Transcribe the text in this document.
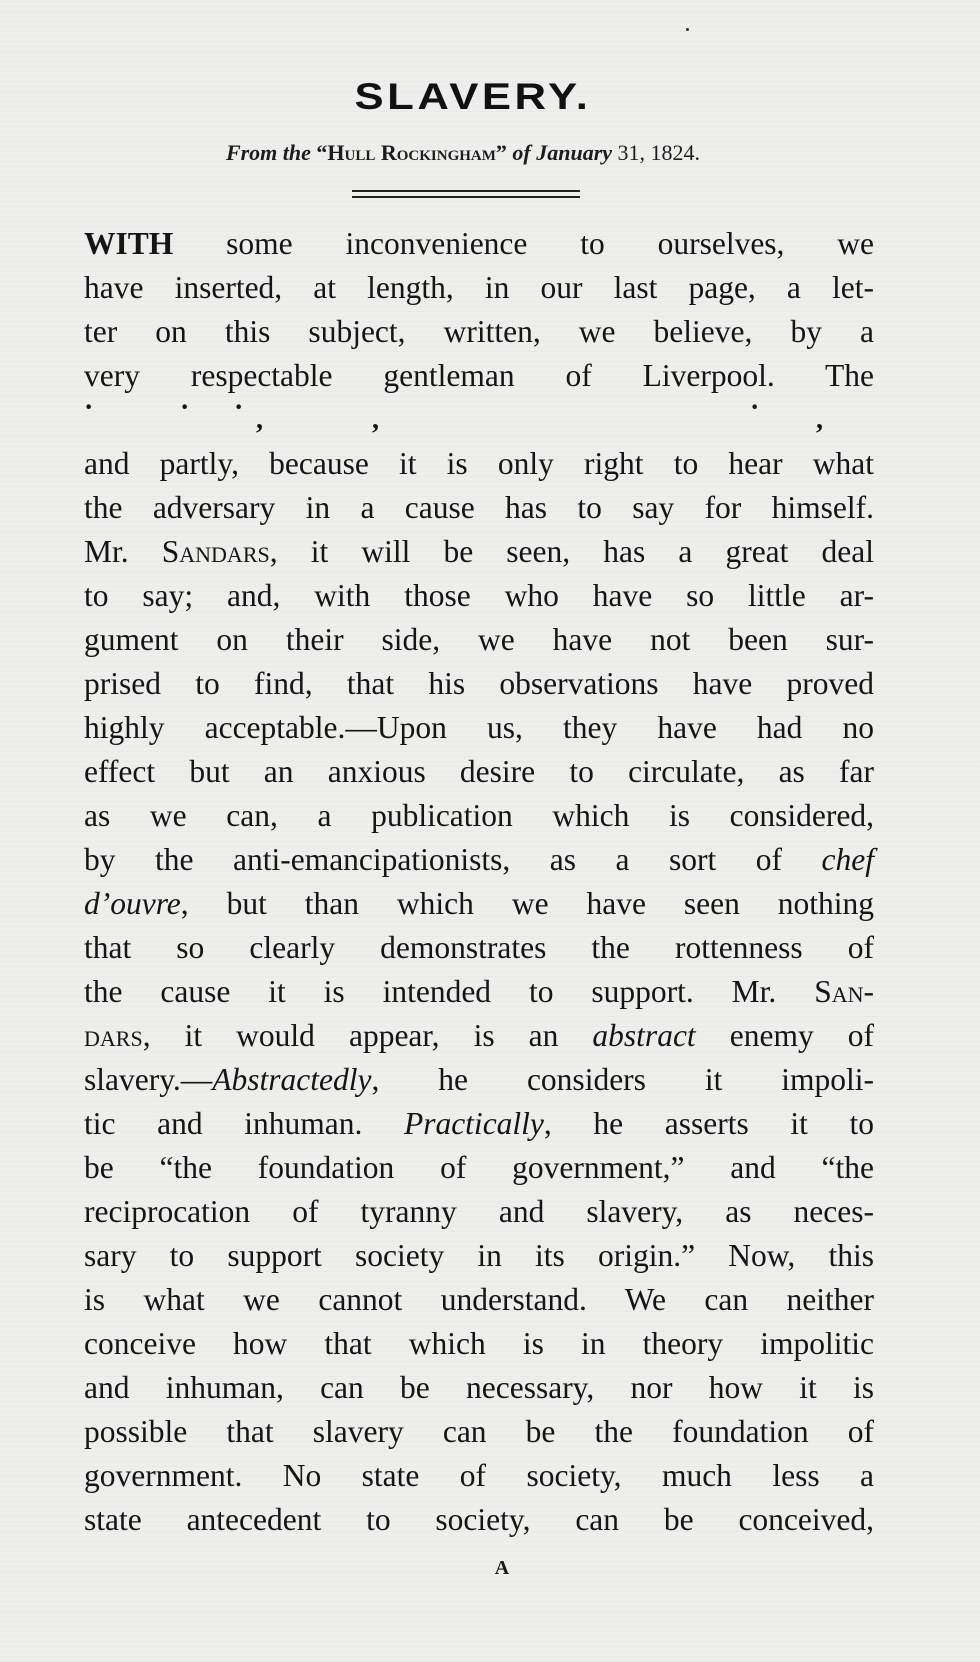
SLAVERY.
From the “Hull Rockingham” of January 31, 1824.
WITH some inconvenience to ourselves, we
have inserted, at length, in our last page, a let-
ter on this subject, written, we believe, by a
very respectable gentleman of Liverpool. The
·	· ·	·
,	,	,
and partly, because it is only right to hear what
the adversary in a cause has to say for himself.
Mr. Sandars, it will be seen, has a great deal
to say; and, with those who have so little ar-
gument on their side, we have not been sur-
prised to find, that his observations have proved
highly acceptable.—Upon us, they have had no
effect but an anxious desire to circulate, as far
as we can, a publication which is considered,
by the anti-emancipationists, as a sort of chef
d’ouvre, but than which we have seen nothing
that so clearly demonstrates the rottenness of
the cause it is intended to support. Mr. San-
dars, it would appear, is an abstract enemy of
slavery.—Abstractedly, he considers it impoli-
tic and inhuman. Practically, he asserts it to
be “the foundation of government,” and “the
reciprocation of tyranny and slavery, as neces-
sary to support society in its origin.” Now, this
is what we cannot understand. We can neither
conceive how that which is in theory impolitic
and inhuman, can be necessary, nor how it is
possible that slavery can be the foundation of
government. No state of society, much less a
state antecedent to society, can be conceived,
A
